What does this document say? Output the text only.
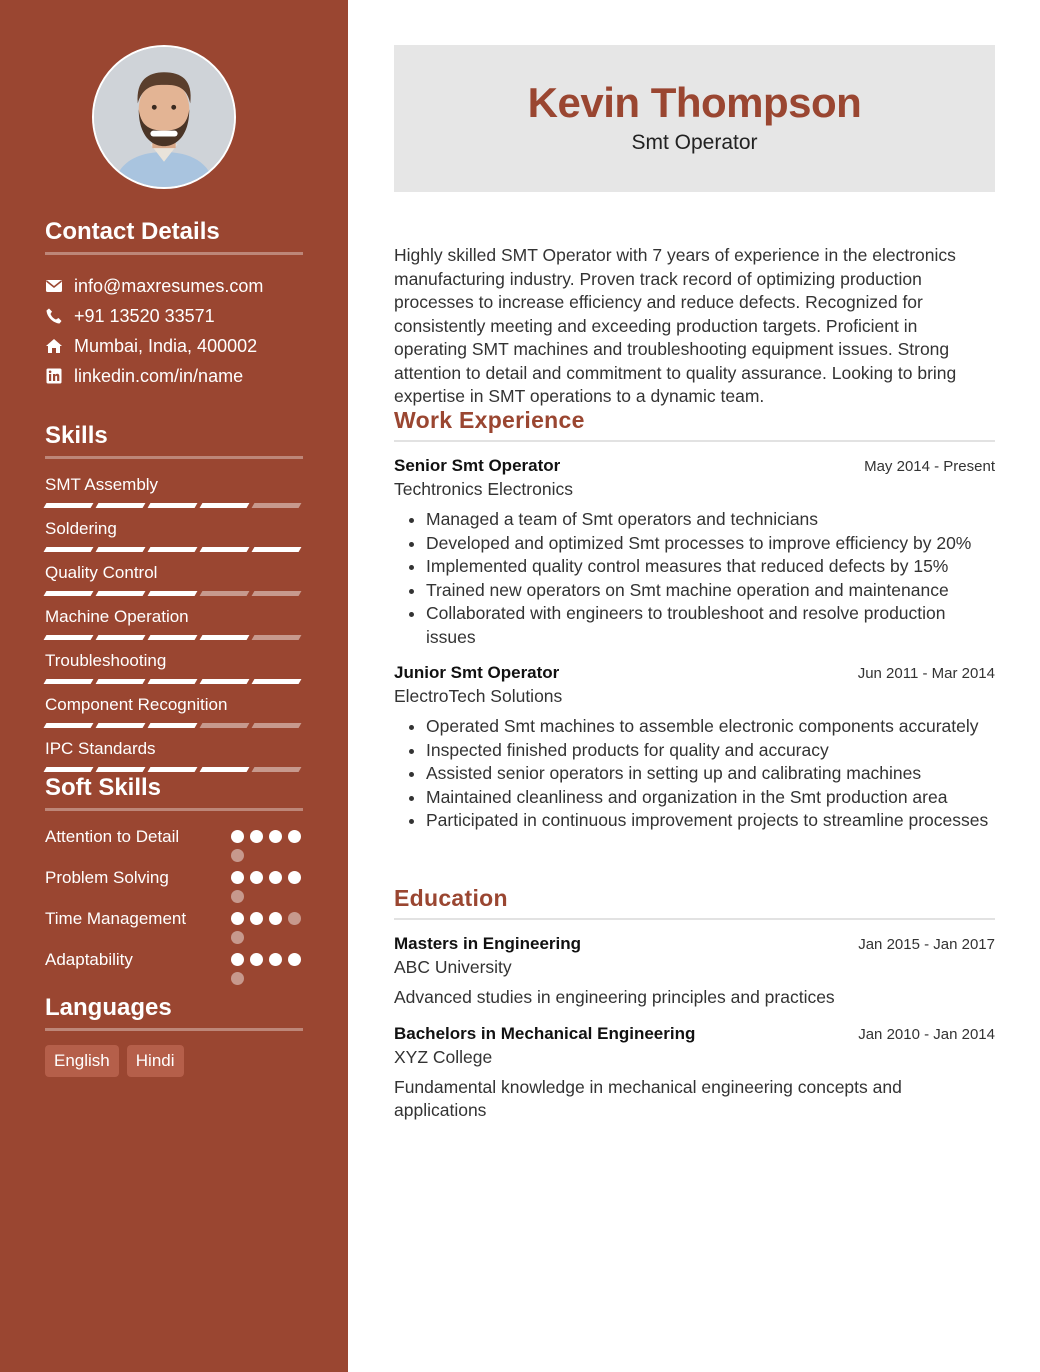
Contact Details
info@maxresumes.com
+91 13520 33571
Mumbai, India, 400002
linkedin.com/in/name
Skills
SMT Assembly
Soldering
Quality Control
Machine Operation
Troubleshooting
Component Recognition
IPC Standards
Soft Skills
Attention to Detail
Problem Solving
Time Management
Adaptability
Languages
English	Hindi
Kevin Thompson
Smt Operator

Highly skilled SMT Operator with 7 years of experience in the electronics manufacturing industry. Proven track record of optimizing production processes to increase efficiency and reduce defects. Recognized for consistently meeting and exceeding production targets. Proficient in operating SMT machines and troubleshooting equipment issues. Strong attention to detail and commitment to quality assurance. Looking to bring expertise in SMT operations to a dynamic team.

Work Experience
Senior Smt Operator	May 2014 - Present
Techtronics Electronics
• Managed a team of Smt operators and technicians
• Developed and optimized Smt processes to improve efficiency by 20%
• Implemented quality control measures that reduced defects by 15%
• Trained new operators on Smt machine operation and maintenance
• Collaborated with engineers to troubleshoot and resolve production issues
Junior Smt Operator	Jun 2011 - Mar 2014
ElectroTech Solutions
• Operated Smt machines to assemble electronic components accurately
• Inspected finished products for quality and accuracy
• Assisted senior operators in setting up and calibrating machines
• Maintained cleanliness and organization in the Smt production area
• Participated in continuous improvement projects to streamline processes
Education
Masters in Engineering	Jan 2015 - Jan 2017
ABC University

Advanced studies in engineering principles and practices

Bachelors in Mechanical Engineering	Jan 2010 - Jan 2014
XYZ College

Fundamental knowledge in mechanical engineering concepts and applications
